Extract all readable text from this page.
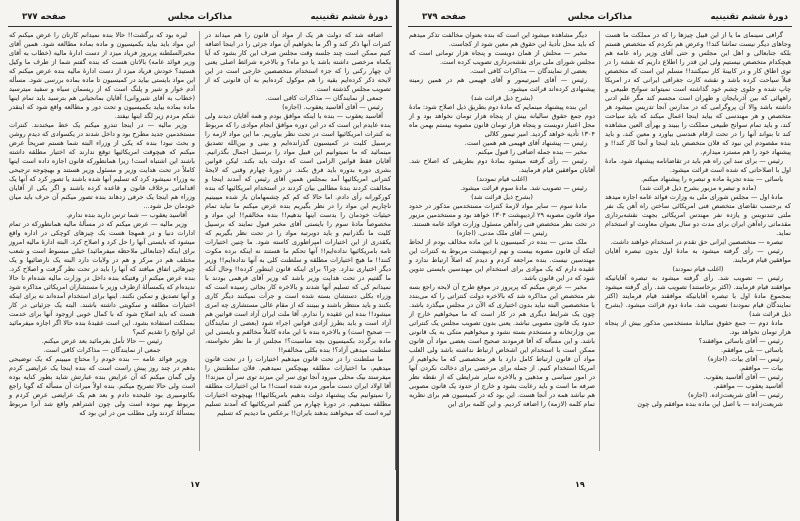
دورهٔ ششم تقنینیه
مذاکرات مجلس
صفحه ۳۷۷

اضافه شد که دولت هر یک از مواد آن قانون را هم میداند در کنترات آنها ذکر کند و اگر ما بخواهیم آن مواد جزئی را در اینجا اضافه کنیم ممکن است چند جلسه وقت مجلس صرف این کار بشود که آیا یکماه مرخصی داشته باشد یا دو ماه؟ و بالاخره شرائط اصلی یعنی آن چهار رکنی را که جزء استخدام متخصصین خارجی است در این لایحه ذکر کرده‌ایم بقیه را هم موکول کرده‌ایم به آن قانونی که از تصویب مجلس گذشته است.

جمعی از نمایندگان — مذاکرات کافی است.

رئیس — آقای آقاسید یعقوب. (اجازه)

آقاسید یعقوب — بنده با اینکه موافق بودم و همه آقایان دیدند ولی بنده عایدم این است که در این دوره موافق انجام موادی را که مربوط به کنترات امریکائیها است در تحت نظر بیاوریم. ما این مواد لازمه را برسبیل کلیت در کمیسیون گذرانده‌ایم و بینی و بین‌الله تصدیق مینمائید که ما نمیتوانیم این قبیل مواد را برسبیل اجمال بگذرانیم. آقایان فقط قوانین الزامی است که دولت باید بکند. لیکن قوانین بشری دوره بدوره باید فرق بکند. در دورهٔ چهارم وقتی که لایحهٔ کنتراتی امریکائیها آمد بمجلس همین آقای رئیس که آمدند اینجا و مخالفت کردند بندهٔ مطالبی بیان کردند در استخدام امریکائیها که بنده کورکورانه رأی دادم. اما حالا که کم کم چشمهامان باز شده میبینیم ناچاریم این مواد را در نظر بگیریم بنده عرض میکنم ما نباید تمام حیثیات خودمان را بدست اینها بدهیم!! بنده مخالفم!! این مواد و مخصوصاً مادهٔ سوم را بایستی آقای مخبر قبول نمایند که برسبیل کلیت ما نگذرانیم و باید دوبرتبه مواد را در تحت نظر بگیریم که یکقدری از این اختیارات امپراطوری کاسته شود. ما چنین اختیارات تامه بامریکائیها نداده‌ایم!! آنها تحکم ما هستند نه اینکه برده مکوت کنند!! ما هیچ اختیارات مطلقه و سلطنت کلی به آنها نداده‌ایم!! وزیر دیگر اختیاری ندارد. چرا؟ برای اینکه قانون اینطور کرده!! وحال آنکه ما گفتیم در تحت هدایت وزیر باشد که وزیر آقای فرهمی بودند با نمیدانم کی که تسلیم آنها شدند و بالاخره کار بجائی رسیده است که وزراء بکلی دستشان بسته شده است و جرأت نمیکنند دیگر کاری بکنند و باید منتظر باشند و ببینند که از مقام عالی مستشاری چه امری میشود!! بنده این عقیده را ندارم. آقا ملت ایران آزاد است قوانین هم آزاد است و باید بطرز آزادی قوانین اجراء شود (بعضی از نمایندگان — صحیح است) و بالاخره بنده با این ماده کاملاً مخالفم و بایستی این ماده برگردد بکمیسیون بچه مناسبت؟! مجلس از ما نظر نخواسته، سلطنت میدهی آزاد؟! بنده بکلی مخالفم!!

ما سلطنت را در تحت قانون میدهیم اختیارات را در تحت قانون میدهیم، ما اختیارات مطلقه بهیچکس نمیدهیم. فلان سلطنتش را میفرستد بیک محلی میرود آنجا توی سر این میزند توی سر آن میزند!! آقا اولاد ایران دست مأمور مرده شده است!! ما این اختیارات مطلقه را نمیتوانیم بیک پیشنهاد دولت بدهیم بامریکائیها!! بهیچوجه اختیارات مطلقه نمیدهیم. در دورهٔ چهارم من گفتم امریکائیها که آمدند تسلیم لیره است که میخواهند بدهند بایران!! برعکس ما دیدیم که تسلیم

لیره بود که برگشت!! حالا بنده نمیدانم کارتان را عرض میکنم که این مواد باید بیاید بکمیسیون و ماده بماده مطالعه شود. همین آقای مخبرالسلطنه پریروز فریاد میزد از دست ادارهٔ مالیه (خطاب به آقای وزیر فوائد عامه) بالاتان هست که بنده گفتم شما از طرف ما وکیل هستید؟ خودش فریاد میزد از دست ادارهٔ مالیه بنده عرض میکنم که این مواد بایستی بیاید در کمیسیون تا ماده بماده بررسی شود. مسأله آدم خوار و شیر و پلنگ است که از ریسمان سیاه و سفید میترسید (خطاب به آقای شیروانی) آقایان بمانجیانی هم بترسید باید تمام اینها ماده بماده بیاید بکمیسیون و تحت دور و مطالعه واقع شود که اینقدر شکم مردم زیر لگد اینها نیفتد.

وزیر مالیه — در اینجا تندرو میکنم یک خط میخندند. کنترات مستخدمین جدید مطرح بود و داخل شدند در یکسوادی که دیدم روشن و بحث نبود! بنده که یکی از وزراء البته شما هستم صریحاً عرض میکنم که هیچوقت امریکائیها توقع ندارند که اختیار مطلقه داشته باشند این اشتباه است! زیرا همانطورکه قانون اجازه داده است اینها کاملاً در تحت هدایت وزیر و مسئول وزیر هستند و بهیچوجه ترجیحی به وزراء نمیشود کرد که تسلیم آنها شده باشند یا تصور کرد که آنها یک اقداماتی برخلاف قانون و قاعده کرده باشند و اگر یکی از آقایان وزراء هم اینجا یک حرفی زدهاند بنده تصور میکنم آن حرف باید میان خودمان حل شود...

آقاسید یعقوب — شما ترس دارید بنده ندارم.

وزیر مالیه — عرض میکنم که در مسألهٔ مالیه همانطورکه در تمام ادارات دنیا و در همهجا هست یک چیزهای کوچکی در اداره واقع میشود که بایستی آنها را حل کرد و اصلاح کرد. البته ادارهٔ مالیه امروز برای اینکه (جنابعالی ملاحظه میفرمائید) خیلی مبسوط است و شعب مختلف هم در مرکز و هم در ولایات دارد البته یک نارضائیها و یک چیزهائی اتفاق میافتد که آنها را باید در تحت نظر گرفت و اصلاح کرد. بنده عرض میکنم از وقتیکه بنده داخل در وزارت مالیه شده‌ام تا حالا ندیده‌ام که یکمسألهٔ ازطرف وزیر با مستشاران امریکائی مذاکره شود و آنها تصدیق و تمکین نکنند. اینها برای استخدام آمده‌اند نه برای اینکه اختیارات مطلقه و سکویتی داشته باشند. البته یک جزئیاتی در کار هست که باید اصلاح شود که با کمال خوبی ازوجود آنها برای خدمت بمملکت استفاده بشود. این است عقیدهٔ بنده حالا اگر اجازه میفرمائید این لوایح را تقدیم کنم؟

رئیس — حالا تأمل بفرمائید بعد عرض میکنم.

جمعی از نمایندگان — مذاکرات کافی است.

وزیر فوائد عامه — بنده خودم را محتاج میبینم که یک توضیحی بدهم در چند روز پیش راست است که بنده اینجا یک عرایضی کردم ولی گمان میکنم که آن عرایض بنده عبارتش شاید بطور کنایه بوده است ولی حالا تصریح میکنم. بنده اولاً میراث آن مسأله که گویا راجع بکانومبیری بود علیحده دادم و بعد هم یک عرایضی عرض کردم و مربوط بهم نبوده است ولی چون اشتراهم واقع شد آنرا مربوط بمسألهٔ کردند ولی مطلب من در این بود که

۱۷
دورهٔ ششم تقنینیه
مذاکرات مجلس
صفحه ۳۷۹

گرافی سینمای ما یا از این قبیل چیزها را که در مملکت ما هست وجاهای دیگر نیست تماشا کند!! وعرض هم نکردم که متخصص هستم بلکه جنابعالی و اهل این مجلس و حتی آقای وزیر راه عامه هم هیچکدام متخصص نیستیم ولی این قدر را اطلاع داریم که نقشه را در توی اطاق کار و در کابینهٔ کار نمیکنند!! مسلم این است که متخصص قبلاً سیاحت کرده باشد و نقشه کارت جغرافی ایرانی که در امریکا چاپ شده و جلوی چشم خود گذاشته است نمیتواند سوانح طبیعی و راههائی که بین آذربایجان و طهران است مجسم کند مگر علم ادنی داشته باشد والا آن پروگرامی که در مدارس آنجا تدریس میشود هر متخصص و هر مهندسی که بیاید اینجا اعمال میکند که باید سیاحت کند، و باید تمام سوانح طبیعی مملکت را ببیند و بهرأی العین مشاهده کند تا بتواند آنها را در تحت ارقام هندسی بیاورد و معین کند، و باید بنده مقصودم این نبود که فلان متخصص باید اینجا و آنجا کار کند!! و پیشنهاد خود را هم مسترد میدارم.

رئیس — برای سد این راه هم باید در تقاضانامه پیشنهاد شود. مادهٔ اول با اصلاحاتی که شده است قرائت میشود.

یاسائی — بنده تجزیهٔ ماده و تبصره را پیشنهاد میکنم.

(ماده و تبصره مزبور بشرح ذیل قرائت شد)

مادهٔ اول — مجلس شورای ملی به وزارت فوائد عامه اجازه میدهد که برحسب تقاضای متخصص فنی امریکائی ساختن راه آهن یک نفر ملتی تندنویس و یازده نفر مهندس امریکائی بجهت نقشه‌برداری مقدماتی راه‌آهن ایران برای مدت دو سال بعنوان معاونت او استخدام نماید.

تبصره — متخصصین ایرانی حق تقدم در استخدام خواهند داشت.

رئیس — رأی گرفته میشود به مادهٔ اول بدون تبصره آقایان موافقین قیام فرمایند.

(اغلب قیام نمودند)

رئیس — تصویب شد. رأی گرفته میشود به تبصره آقایانیکه موافقند قیام فرمایند. (اکثر برخاستند) تصویب شد. رأی گرفته میشود بمجموع مادهٔ اول با تبصره آقایانیکه موافقند قیام فرمایند (اکثر نمایندگان قیام نمودند) تصویب شد. مادهٔ دوم قرائت میشود. (بشرح ذیل قرائت شد)

مادهٔ دوم — جمع حقوق سالیانهٔ مستخدمین مذکور بیش از پنجاه هزار تومان نخواهد بود.

رئیس — آقای یاسائی موافقند؟

یاسائی — بلی موافقم.

رئیس — آقای بیات. (اجازه)

بیات — موافقم.

رئیس — آقای آقاسید یعقوب.

آقاسید یعقوب — موافقم.

رئیس — آقای شریعت‌زاده. (اجازه)

شریعت‌زاده — با اصل این ماده بنده موافقم ولی چون

دیگر مشاهده میشود این است که بنده بعنوان مخالفت تذکر میدهم که باید محل تأدیهٔ این حقوق هم معین شود از کجاست.

مخبر — محلش از همان دویست و پنجاه هزار تومانی است که مجلس شورای ملی برای نقشه‌برداری تصویب کرده است.

بعضی از نمایندگان — مذاکرات کافی است.

رئیس — آقای امیرتیمور و آقای فهیمی هم در همین زمینه پیشنهادی کرده‌اند قرائت میشود.

(بشرح ذیل قرائت شد)

این بنده پیشنهاد مینمایم که مادهٔ دوم بطریق ذیل اصلاح شود: مادهٔ دوم جمع حقوق سالیانه بیش از پنجاه هزار تومان نخواهد بود و از محل اعتبار دویست و پنجاه هزار تومان قانون مصوبه بیستم بهمن ماه ۱۳۰۴ تأدیه خواهد گردید. امیر تیمور کلالی

رئیس — پیشنهاد آقای فهیمی هم همین است.

مخبر — بنده جمله اضافی را قبول میکنم.

رئیس — رأی گرفته میشود بمادهٔ دوم بطریقی که اصلاح شد. آقایان موافقین قیام فرمایند.

(اغلب قیام نمودند)

رئیس — تصویب شد. مادهٔ سوم قرائت میشود.

(بشرح ذیل قرائت شد)

مادهٔ سوم — سایر مواد لازمهٔ کنترات مستخدمین مذکور در حدود مواد قانون مصوبه ۲۹ اردیبهشت ۱۳۰۴ خواهد بود و مستخدمین مزبور در تحت نظر متخصص فنی راه‌آهن مسئول وزارت فوائد عامه هستند.

رئیس — آقای ملک مدنی. (اجازه)

ملک مدنی — بنده در کمیسیون با این ماده مخالف بودم از لحاظ اینکه آن قانون مصوبه بیست و نهم اردیبهشت مربوط به کنترات این مهندسین نیست. بنده مراجعه کردم و دیدم که اصلاً ارتباط ندارد و عقیده دارم که یک موادی برای استخدام این مهندسین بایستی تدوین شود که در این قانون باشد.

مخبر — عرض میکنم که پریروز در موقع طرح آن لایحه راجع بسه نفر متخصص این مذاکره شد که بالاخره دولت کنتراتی را که می‌بندد با متخصصین البته نباید بدون اختیاری که الآن در مجلس میگذرد باشد. چون یک شرایط دیگری هم در کار است که ما میخواهیم خارج از حدود یک قانون مصوبی نباشد. یعنی بدون تصویب مجلس یک کنتراتی بین وزارتخانه و مستخدم بسته نشود و میخواهیم متکی به یک قانونی باشد. و این مسأله که آقا فرمودند صحیح است بعضی مواد آن قانون ممکن است با استخدام این اشخاص ارتباط نداشته باشد ولی الغلب مواد آن قانون ارتباط کامل دارد با هر متخصصی که ما بخواهیم از امریکا استخدام کنیم. از جمله برای مرخصی برای دخالت نکردن آنها در امور سیاسی و مذهبی و بالاخره سایر شرایطی که از نقطه نظر صرفه ما است و باید رعایت بشود و خارج از حدود یک قانون مصوبی هم نباشد همه در آنجا هست. این بود که در کمیسیون هم برای نظریه تمام کلمه (لازمه) را اضافه کردیم. و این کلمه برای این

۱۹
